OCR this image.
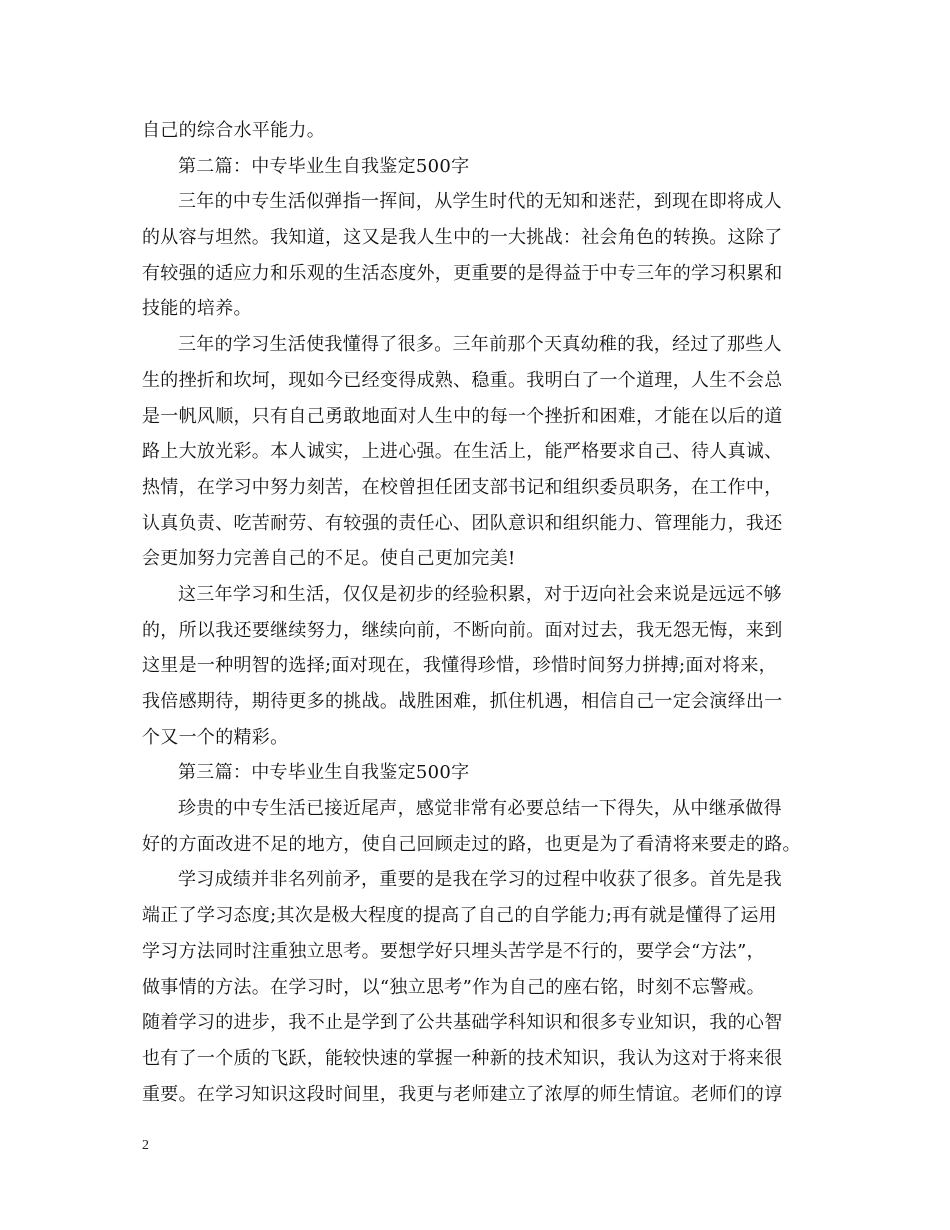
自己的综合水平能力。
第二篇：中专毕业生自我鉴定500字
三年的中专生活似弹指一挥间，从学生时代的无知和迷茫，到现在即将成人
的从容与坦然。我知道，这又是我人生中的一大挑战：社会角色的转换。这除了
有较强的适应力和乐观的生活态度外，更重要的是得益于中专三年的学习积累和
技能的培养。
三年的学习生活使我懂得了很多。三年前那个天真幼稚的我，经过了那些人
生的挫折和坎坷，现如今已经变得成熟、稳重。我明白了一个道理，人生不会总
是一帆风顺，只有自己勇敢地面对人生中的每一个挫折和困难，才能在以后的道
路上大放光彩。本人诚实，上进心强。在生活上，能严格要求自己、待人真诚、
热情，在学习中努力刻苦，在校曾担任团支部书记和组织委员职务，在工作中，
认真负责、吃苦耐劳、有较强的责任心、团队意识和组织能力、管理能力，我还
会更加努力完善自己的不足。使自己更加完美!
这三年学习和生活，仅仅是初步的经验积累，对于迈向社会来说是远远不够
的，所以我还要继续努力，继续向前，不断向前。面对过去，我无怨无悔，来到
这里是一种明智的选择;面对现在，我懂得珍惜，珍惜时间努力拼搏;面对将来，
我倍感期待，期待更多的挑战。战胜困难，抓住机遇，相信自己一定会演绎出一
个又一个的精彩。
第三篇：中专毕业生自我鉴定500字
珍贵的中专生活已接近尾声，感觉非常有必要总结一下得失，从中继承做得
好的方面改进不足的地方，使自己回顾走过的路，也更是为了看清将来要走的路。
学习成绩并非名列前矛，重要的是我在学习的过程中收获了很多。首先是我
端正了学习态度;其次是极大程度的提高了自己的自学能力;再有就是懂得了运用
学习方法同时注重独立思考。要想学好只埋头苦学是不行的，要学会“方法”，
做事情的方法。在学习时，以“独立思考”作为自己的座右铭，时刻不忘警戒。
随着学习的进步，我不止是学到了公共基础学科知识和很多专业知识，我的心智
也有了一个质的飞跃，能较快速的掌握一种新的技术知识，我认为这对于将来很
重要。在学习知识这段时间里，我更与老师建立了浓厚的师生情谊。老师们的谆
2
